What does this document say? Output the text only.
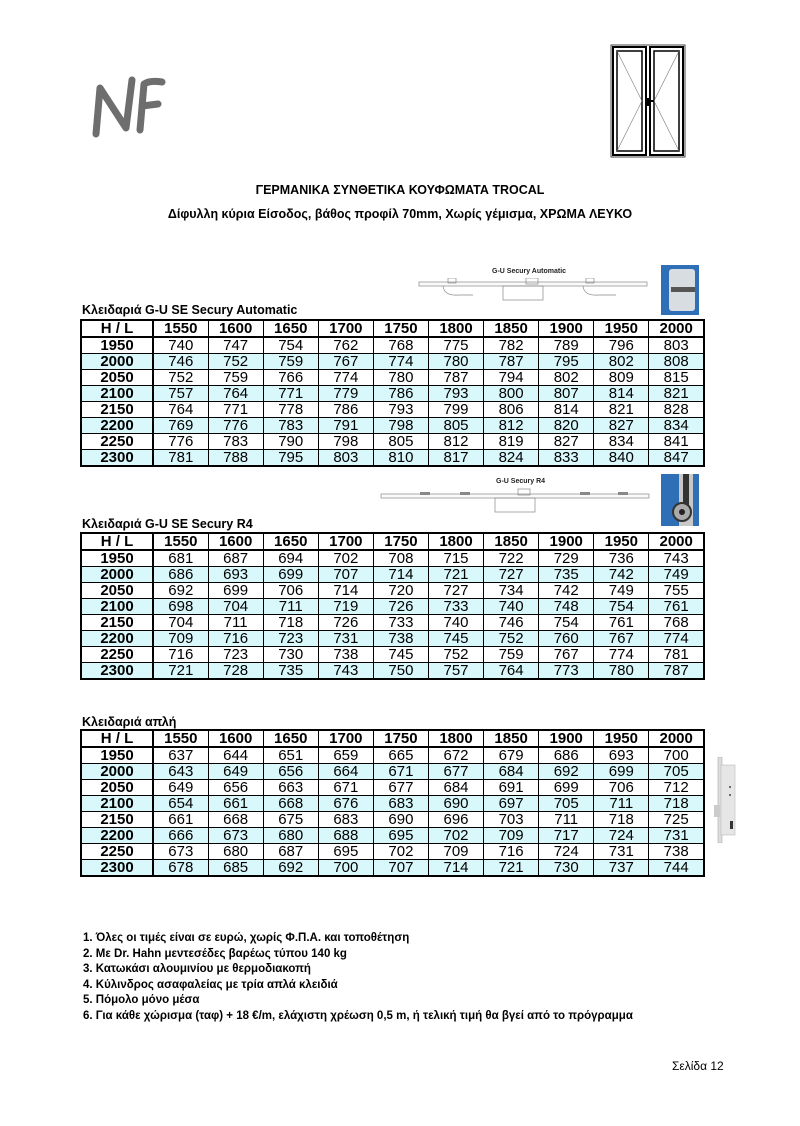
ΓΕΡΜΑΝΙΚΑ ΣΥΝΘΕΤΙΚΑ ΚΟΥΦΩΜΑΤΑ TROCAL
Δίφυλλη κύρια Είσοδος, βάθος προφίλ 70mm, Χωρίς γέμισμα, ΧΡΩΜΑ ΛΕΥΚΟ
G-U Secury Automatic
Κλειδαριά G-U SE Secury Automatic
H / L	1550	1600	1650	1700	1750	1800	1850	1900	1950	2000
1950	740	747	754	762	768	775	782	789	796	803
2000	746	752	759	767	774	780	787	795	802	808
2050	752	759	766	774	780	787	794	802	809	815
2100	757	764	771	779	786	793	800	807	814	821
2150	764	771	778	786	793	799	806	814	821	828
2200	769	776	783	791	798	805	812	820	827	834
2250	776	783	790	798	805	812	819	827	834	841
2300	781	788	795	803	810	817	824	833	840	847
G-U Secury R4
Κλειδαριά G-U SE Secury R4
H / L	1550	1600	1650	1700	1750	1800	1850	1900	1950	2000
1950	681	687	694	702	708	715	722	729	736	743
2000	686	693	699	707	714	721	727	735	742	749
2050	692	699	706	714	720	727	734	742	749	755
2100	698	704	711	719	726	733	740	748	754	761
2150	704	711	718	726	733	740	746	754	761	768
2200	709	716	723	731	738	745	752	760	767	774
2250	716	723	730	738	745	752	759	767	774	781
2300	721	728	735	743	750	757	764	773	780	787
Κλειδαριά απλή
H / L	1550	1600	1650	1700	1750	1800	1850	1900	1950	2000
1950	637	644	651	659	665	672	679	686	693	700
2000	643	649	656	664	671	677	684	692	699	705
2050	649	656	663	671	677	684	691	699	706	712
2100	654	661	668	676	683	690	697	705	711	718
2150	661	668	675	683	690	696	703	711	718	725
2200	666	673	680	688	695	702	709	717	724	731
2250	673	680	687	695	702	709	716	724	731	738
2300	678	685	692	700	707	714	721	730	737	744
1. Όλες οι τιμές είναι σε ευρώ, χωρίς Φ.Π.Α. και τοποθέτηση
2. Με Dr. Hahn μεντεσέδες βαρέως τύπου 140 kg
3. Κατωκάσι αλουμινίου με θερμοδιακοπή
4. Κύλινδρος ασαφαλείας με τρία απλά κλειδιά
5. Πόμολο μόνο μέσα
6. Για κάθε χώρισμα (ταφ) + 18 €/m, ελάχιστη χρέωση 0,5 m, ή τελική τιμή θα βγεί από το πρόγραμμα
Σελίδα 12
